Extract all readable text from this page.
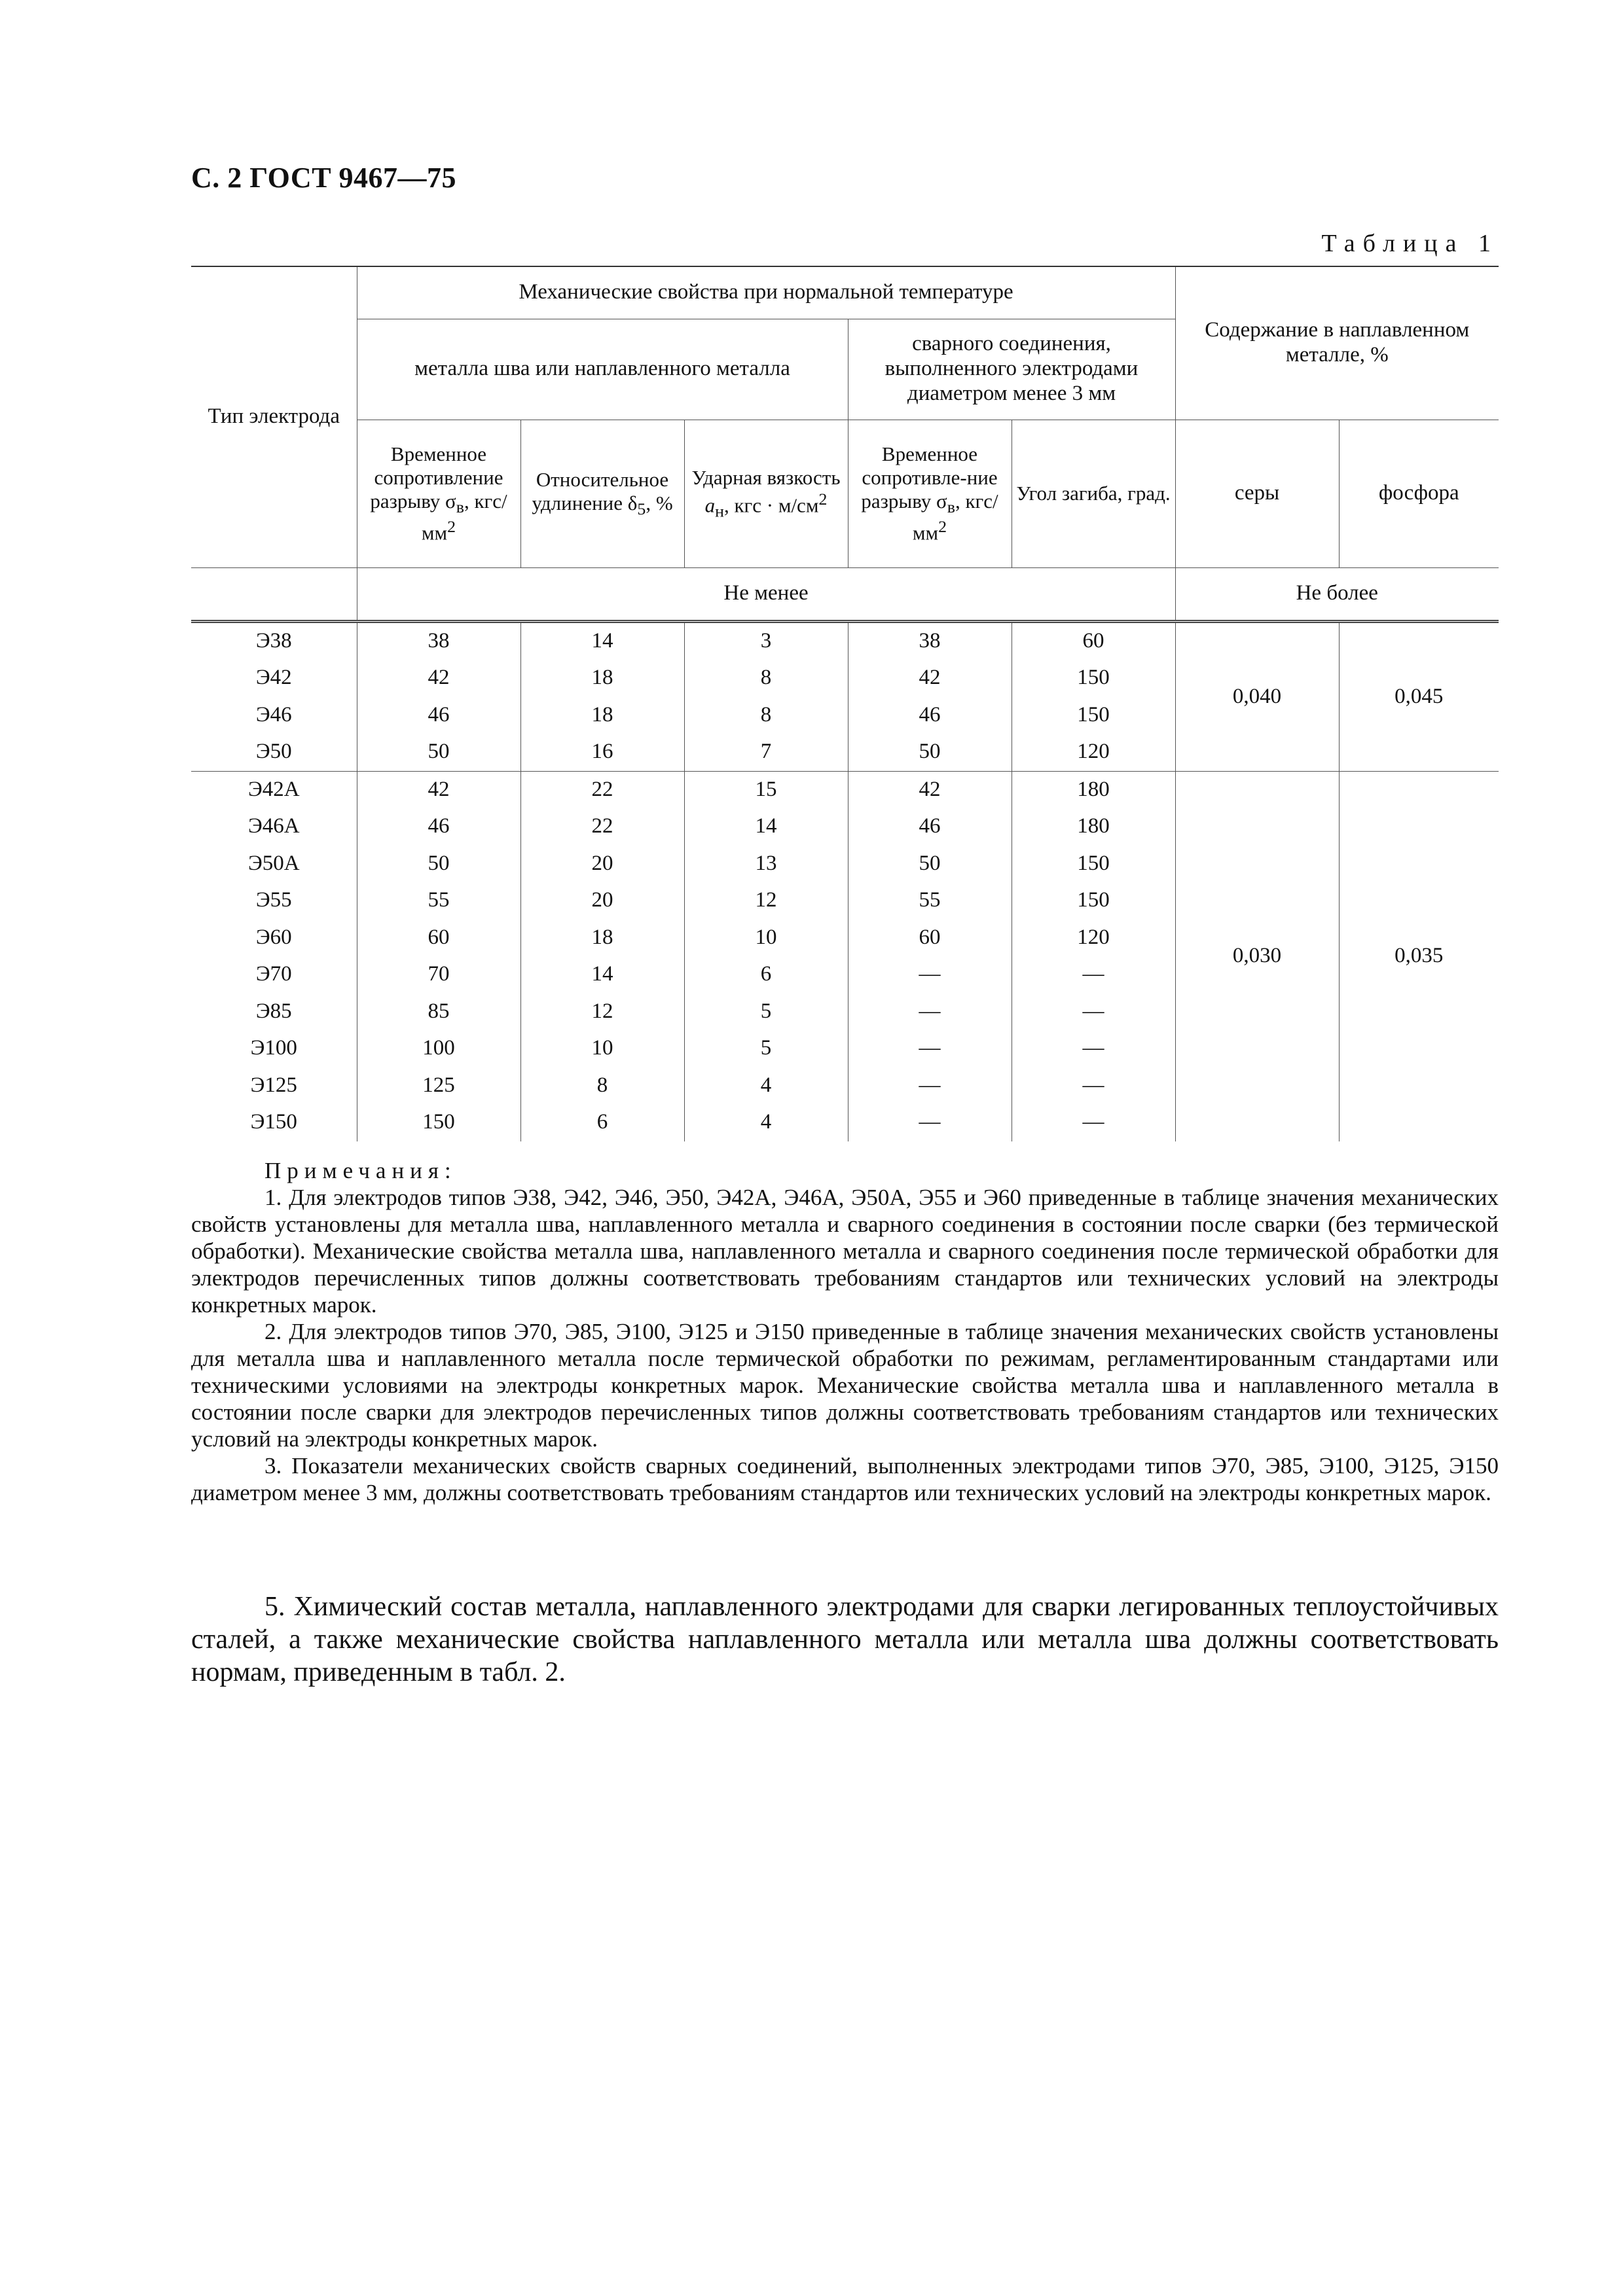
С. 2 ГОСТ 9467—75
Таблица 1
Тип электрода	Механические свойства при нормальной температуре					Содержание в наплавленном металле, %	
	металла шва или наплавленного металла			сварного соединения, выполненного электродами диаметром менее 3 мм			
	Временное сопротивление разрыву $\sigma_в$, кгс/$мм^2$	Относительное удлинение $\delta_5$, %	Ударная вязкость $a_н$, кгс · $м/см^2$	Временное сопротивле-ние разрыву $\sigma_в$, кгс/$мм^2$	Угол загиба, град.	серы	фосфора
	Не менее					Не более	
Э38	38	14	3	38	60	0,040	0,045
Э42	42	18	8	42	150		
Э46	46	18	8	46	150		
Э50	50	16	7	50	120		
Э42А	42	22	15	42	180	0,030	0,035
Э46А	46	22	14	46	180		
Э50А	50	20	13	50	150		
Э55	55	20	12	55	150		
Э60	60	18	10	60	120		
Э70	70	14	6	—	—		
Э85	85	12	5	—	—		
Э100	100	10	5	—	—		
Э125	125	8	4	—	—		
Э150	150	6	4	—	—		
Примечания:

1. Для электродов типов Э38, Э42, Э46, Э50, Э42А, Э46А, Э50А, Э55 и Э60 приведенные в таблице значения механических свойств установлены для металла шва, наплавленного металла и сварного соединения в состоянии после сварки (без термической обработки). Механические свойства металла шва, наплавленного металла и сварного соединения после термической обработки для электродов перечисленных типов должны соответствовать требованиям стандартов или технических условий на электроды конкретных марок.

2. Для электродов типов Э70, Э85, Э100, Э125 и Э150 приведенные в таблице значения механических свойств установлены для металла шва и наплавленного металла после термической обработки по режимам, регламентированным стандартами или техническими условиями на электроды конкретных марок. Механические свойства металла шва и наплавленного металла в состоянии после сварки для электродов перечисленных типов должны соответствовать требованиям стандартов или технических условий на электроды конкретных марок.

3. Показатели механических свойств сварных соединений, выполненных электродами типов Э70, Э85, Э100, Э125, Э150 диаметром менее 3 мм, должны соответствовать требованиям стандартов или технических условий на электроды конкретных марок.

5. Химический состав металла, наплавленного электродами для сварки легированных теплоустойчивых сталей, а также механические свойства наплавленного металла или металла шва должны соответствовать нормам, приведенным в табл. 2.
